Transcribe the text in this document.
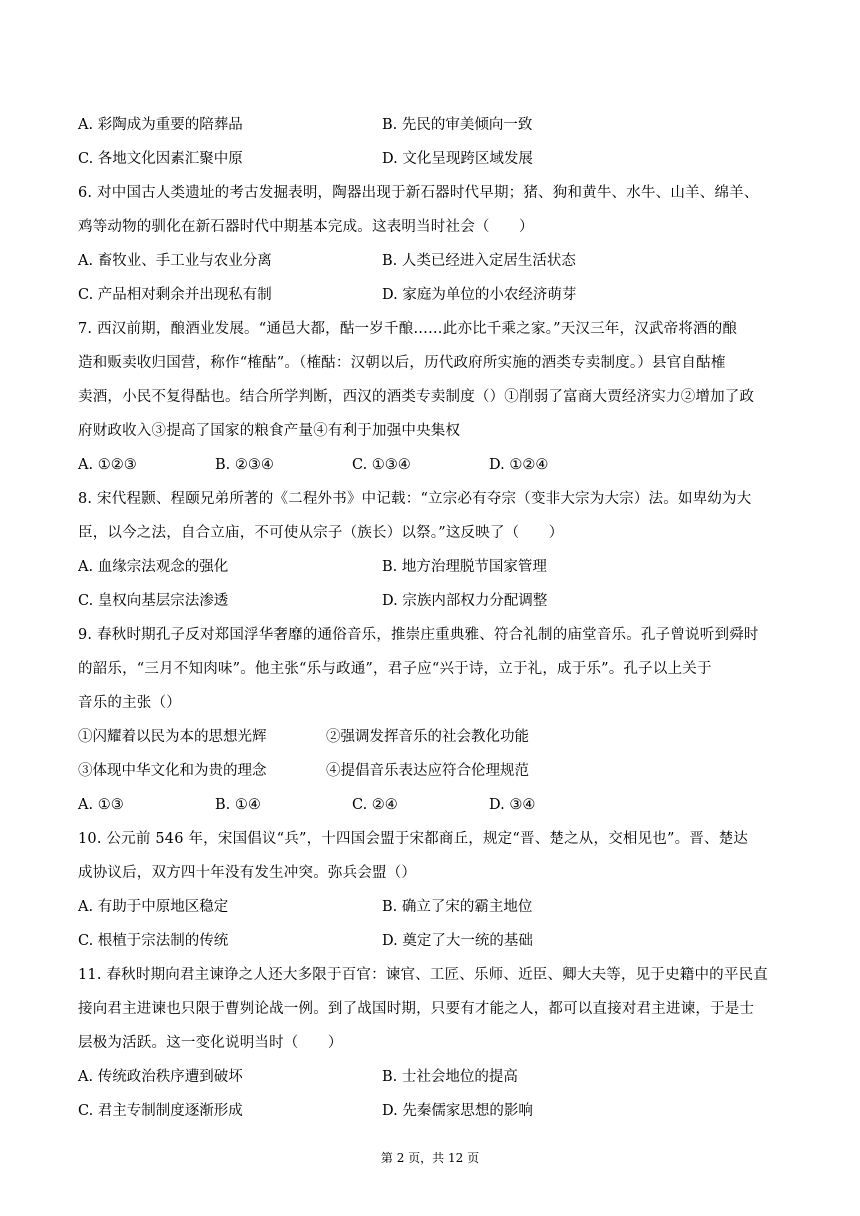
A. 彩陶成为重要的陪葬品	B. 先民的审美倾向一致
C. 各地文化因素汇聚中原	D. 文化呈现跨区域发展
6. 对中国古人类遗址的考古发掘表明，陶器出现于新石器时代早期；猪、狗和黄牛、水牛、山羊、绵羊、
鸡等动物的驯化在新石器时代中期基本完成。这表明当时社会（　　）
A. 畜牧业、手工业与农业分离	B. 人类已经进入定居生活状态
C. 产品相对剩余并出现私有制	D. 家庭为单位的小农经济萌芽
7. 西汉前期，酿酒业发展。“通邑大都，酤一岁千酿……此亦比千乘之家。”天汉三年，汉武帝将酒的酿
造和贩卖收归国营，称作“榷酤”。（榷酤：汉朝以后，历代政府所实施的酒类专卖制度。）县官自酤榷
卖酒，小民不复得酤也。结合所学判断，西汉的酒类专卖制度（）①削弱了富商大贾经济实力②增加了政
府财政收入③提高了国家的粮食产量④有利于加强中央集权
A. ①②③	B. ②③④	C. ①③④	D. ①②④
8. 宋代程颢、程颐兄弟所著的《二程外书》中记载：“立宗必有夺宗（变非大宗为大宗）法。如卑幼为大
臣，以今之法，自合立庙，不可使从宗子（族长）以祭。”这反映了（　　）
A. 血缘宗法观念的强化	B. 地方治理脱节国家管理
C. 皇权向基层宗法渗透	D. 宗族内部权力分配调整
9. 春秋时期孔子反对郑国浮华奢靡的通俗音乐，推崇庄重典雅、符合礼制的庙堂音乐。孔子曾说听到舜时
的韶乐，“三月不知肉味”。他主张“乐与政通”，君子应“兴于诗，立于礼，成于乐”。孔子以上关于
音乐的主张（）
①闪耀着以民为本的思想光辉	②强调发挥音乐的社会教化功能
③体现中华文化和为贵的理念	④提倡音乐表达应符合伦理规范
A. ①③	B. ①④	C. ②④	D. ③④
10. 公元前 546 年，宋国倡议“兵”，十四国会盟于宋都商丘，规定“晋、楚之从，交相见也”。晋、楚达
成协议后，双方四十年没有发生冲突。弥兵会盟（）
A. 有助于中原地区稳定	B. 确立了宋的霸主地位
C. 根植于宗法制的传统	D. 奠定了大一统的基础
11. 春秋时期向君主谏诤之人还大多限于百官：谏官、工匠、乐师、近臣、卿大夫等，见于史籍中的平民直
接向君主进谏也只限于曹刿论战一例。到了战国时期，只要有才能之人，都可以直接对君主进谏，于是士
层极为活跃。这一变化说明当时（　　）
A. 传统政治秩序遭到破坏	B. 士社会地位的提高
C. 君主专制制度逐渐形成	D. 先秦儒家思想的影响
第 2 页，共 12 页
